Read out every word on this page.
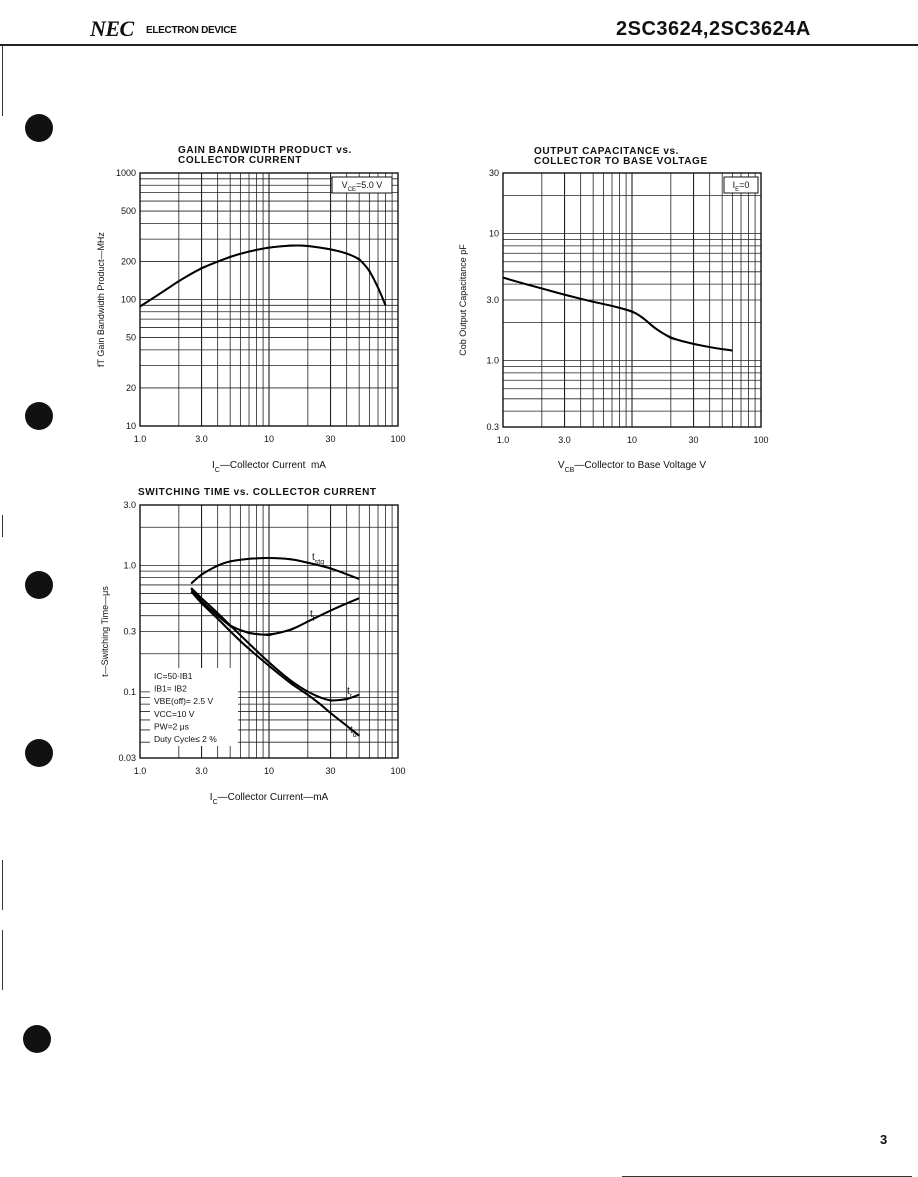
NEC ELECTRON DEVICE	2SC3624,2SC3624A
GAIN BANDWIDTH PRODUCT vs.
COLLECTOR CURRENT
OUTPUT CAPACITANCE vs.
COLLECTOR TO BASE VOLTAGE
SWITCHING TIME vs. COLLECTOR CURRENT
1.0	3.0	10	30	100
10
20
50
100
200
500
1000
$I_C—Collector$ Current  mA
fT Gain Bandwidth Product—MHz
$V_{CE}=5.0$ V
1.0	3.0	10	30	100
0.3
1.0
3.0
10
30
$V_{CB}—Collector$ to Base Voltage V
Cob Output Capacitance pF
$I_E=0$
1.0	3.0	10	30	100
0.03
0.1
0.3
1.0
3.0
$I_C—Collector$ Current—mA
t—Switching Time—μs
$t_{stg}$
$t_f$
$t_r$
$t_d$
IC=50·IB1
IB1= IB2
VBE(off)= 2.5 V
VCC=10 V
PW=2 μs
Duty Cycle≤ 2 %
3
